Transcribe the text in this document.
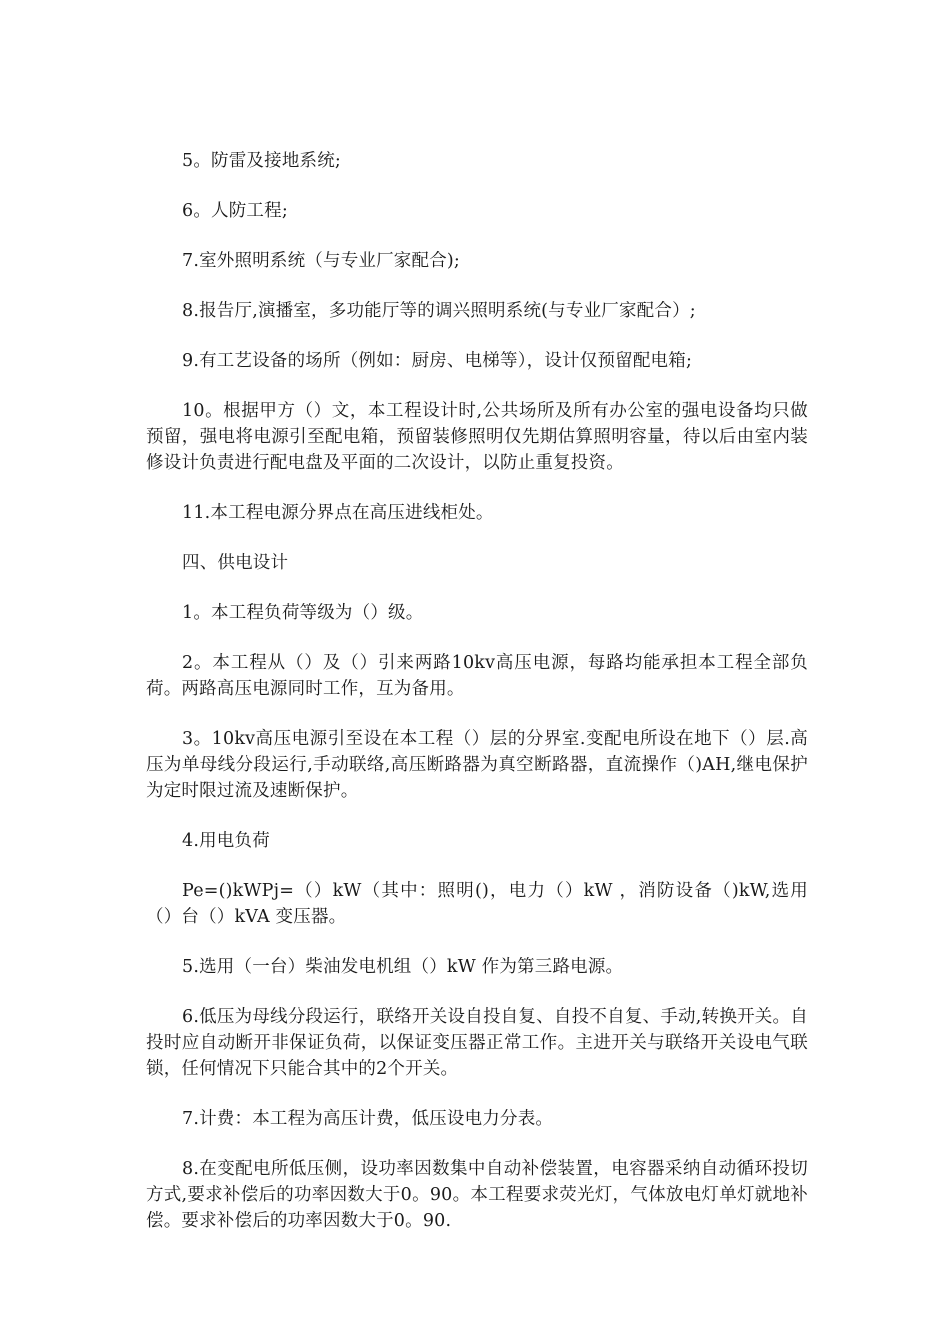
5。防雷及接地系统;

6。人防工程;

7.室外照明系统（与专业厂家配合);

8.报告厅,演播室，多功能厅等的调兴照明系统(与专业厂家配合）;

9.有工艺设备的场所（例如：厨房、电梯等），设计仅预留配电箱;

10。根据甲方（）文，本工程设计时,公共场所及所有办公室的强电设备均只做预留，强电将电源引至配电箱，预留装修照明仅先期估算照明容量，待以后由室内装修设计负责进行配电盘及平面的二次设计，以防止重复投资。

11.本工程电源分界点在高压进线柜处。

四、供电设计

1。本工程负荷等级为（）级。

2。本工程从（）及（）引来两路10kv高压电源，每路均能承担本工程全部负荷。两路高压电源同时工作，互为备用。

3。10kv高压电源引至设在本工程（）层的分界室.变配电所设在地下（）层.高压为单母线分段运行,手动联络,高压断路器为真空断路器，直流操作（)AH,继电保护为定时限过流及速断保护。

4.用电负荷

Pe=()kWPj=（）kW（其中：照明()，电力（）kW ，消防设备（)kW,选用（）台（）kVA 变压器。

5.选用（一台）柴油发电机组（）kW 作为第三路电源。

6.低压为母线分段运行，联络开关设自投自复、自投不自复、手动,转换开关。自投时应自动断开非保证负荷，以保证变压器正常工作。主进开关与联络开关设电气联锁，任何情况下只能合其中的2个开关。

7.计费：本工程为高压计费，低压设电力分表。

8.在变配电所低压侧，设功率因数集中自动补偿装置，电容器采纳自动循环投切方式,要求补偿后的功率因数大于0。90。本工程要求荧光灯，气体放电灯单灯就地补偿。要求补偿后的功率因数大于0。90.
